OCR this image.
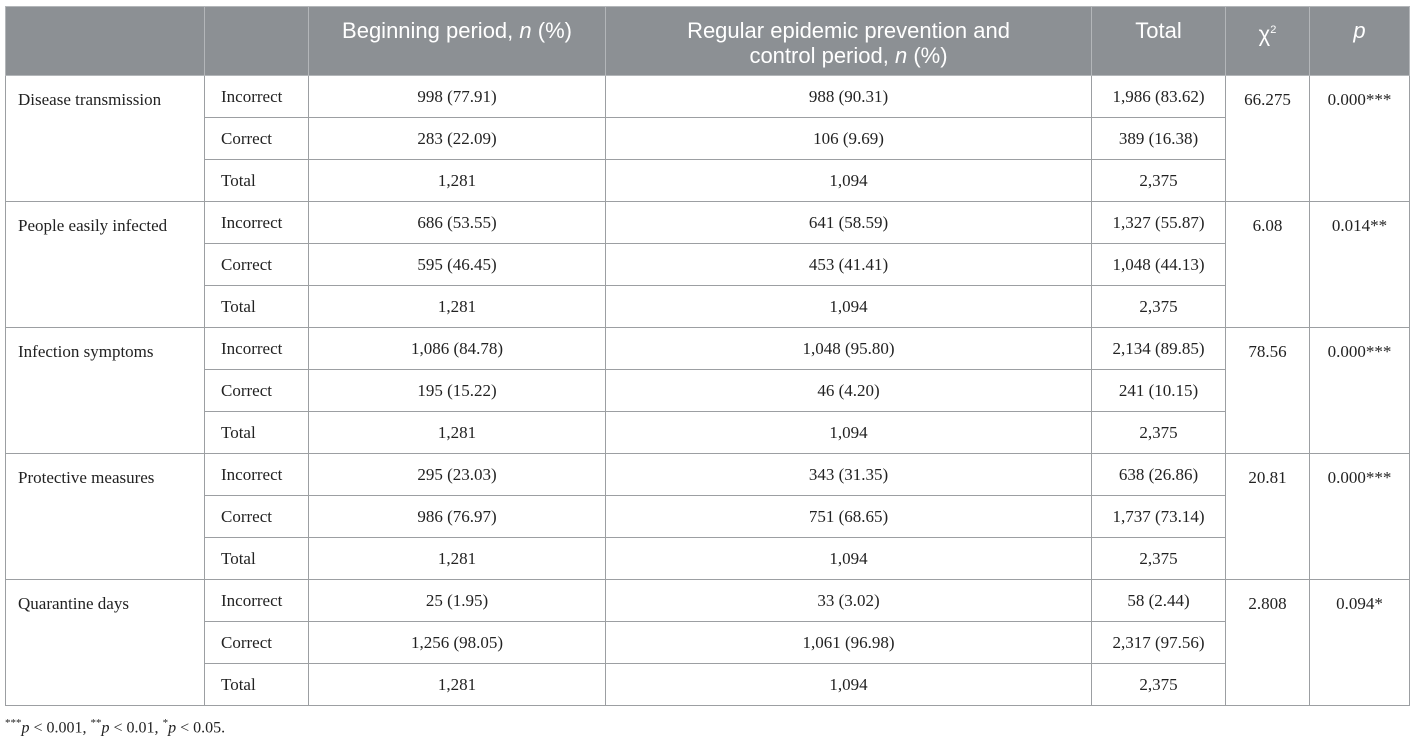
		Beginning period, n (%)	Regular epidemic prevention and
control period, n (%)	Total	$\chi^2$	p
Disease transmission	Incorrect	998 (77.91)	988 (90.31)	1,986 (83.62)	66.275	0.000***
	Correct	283 (22.09)	106 (9.69)	389 (16.38)		
	Total	1,281	1,094	2,375		
People easily infected	Incorrect	686 (53.55)	641 (58.59)	1,327 (55.87)	6.08	0.014**
	Correct	595 (46.45)	453 (41.41)	1,048 (44.13)		
	Total	1,281	1,094	2,375		
Infection symptoms	Incorrect	1,086 (84.78)	1,048 (95.80)	2,134 (89.85)	78.56	0.000***
	Correct	195 (15.22)	46 (4.20)	241 (10.15)		
	Total	1,281	1,094	2,375		
Protective measures	Incorrect	295 (23.03)	343 (31.35)	638 (26.86)	20.81	0.000***
	Correct	986 (76.97)	751 (68.65)	1,737 (73.14)		
	Total	1,281	1,094	2,375		
Quarantine days	Incorrect	25 (1.95)	33 (3.02)	58 (2.44)	2.808	0.094*
	Correct	1,256 (98.05)	1,061 (96.98)	2,317 (97.56)		
	Total	1,281	1,094	2,375		
***p < 0.001, **p < 0.01, *p < 0.05.
